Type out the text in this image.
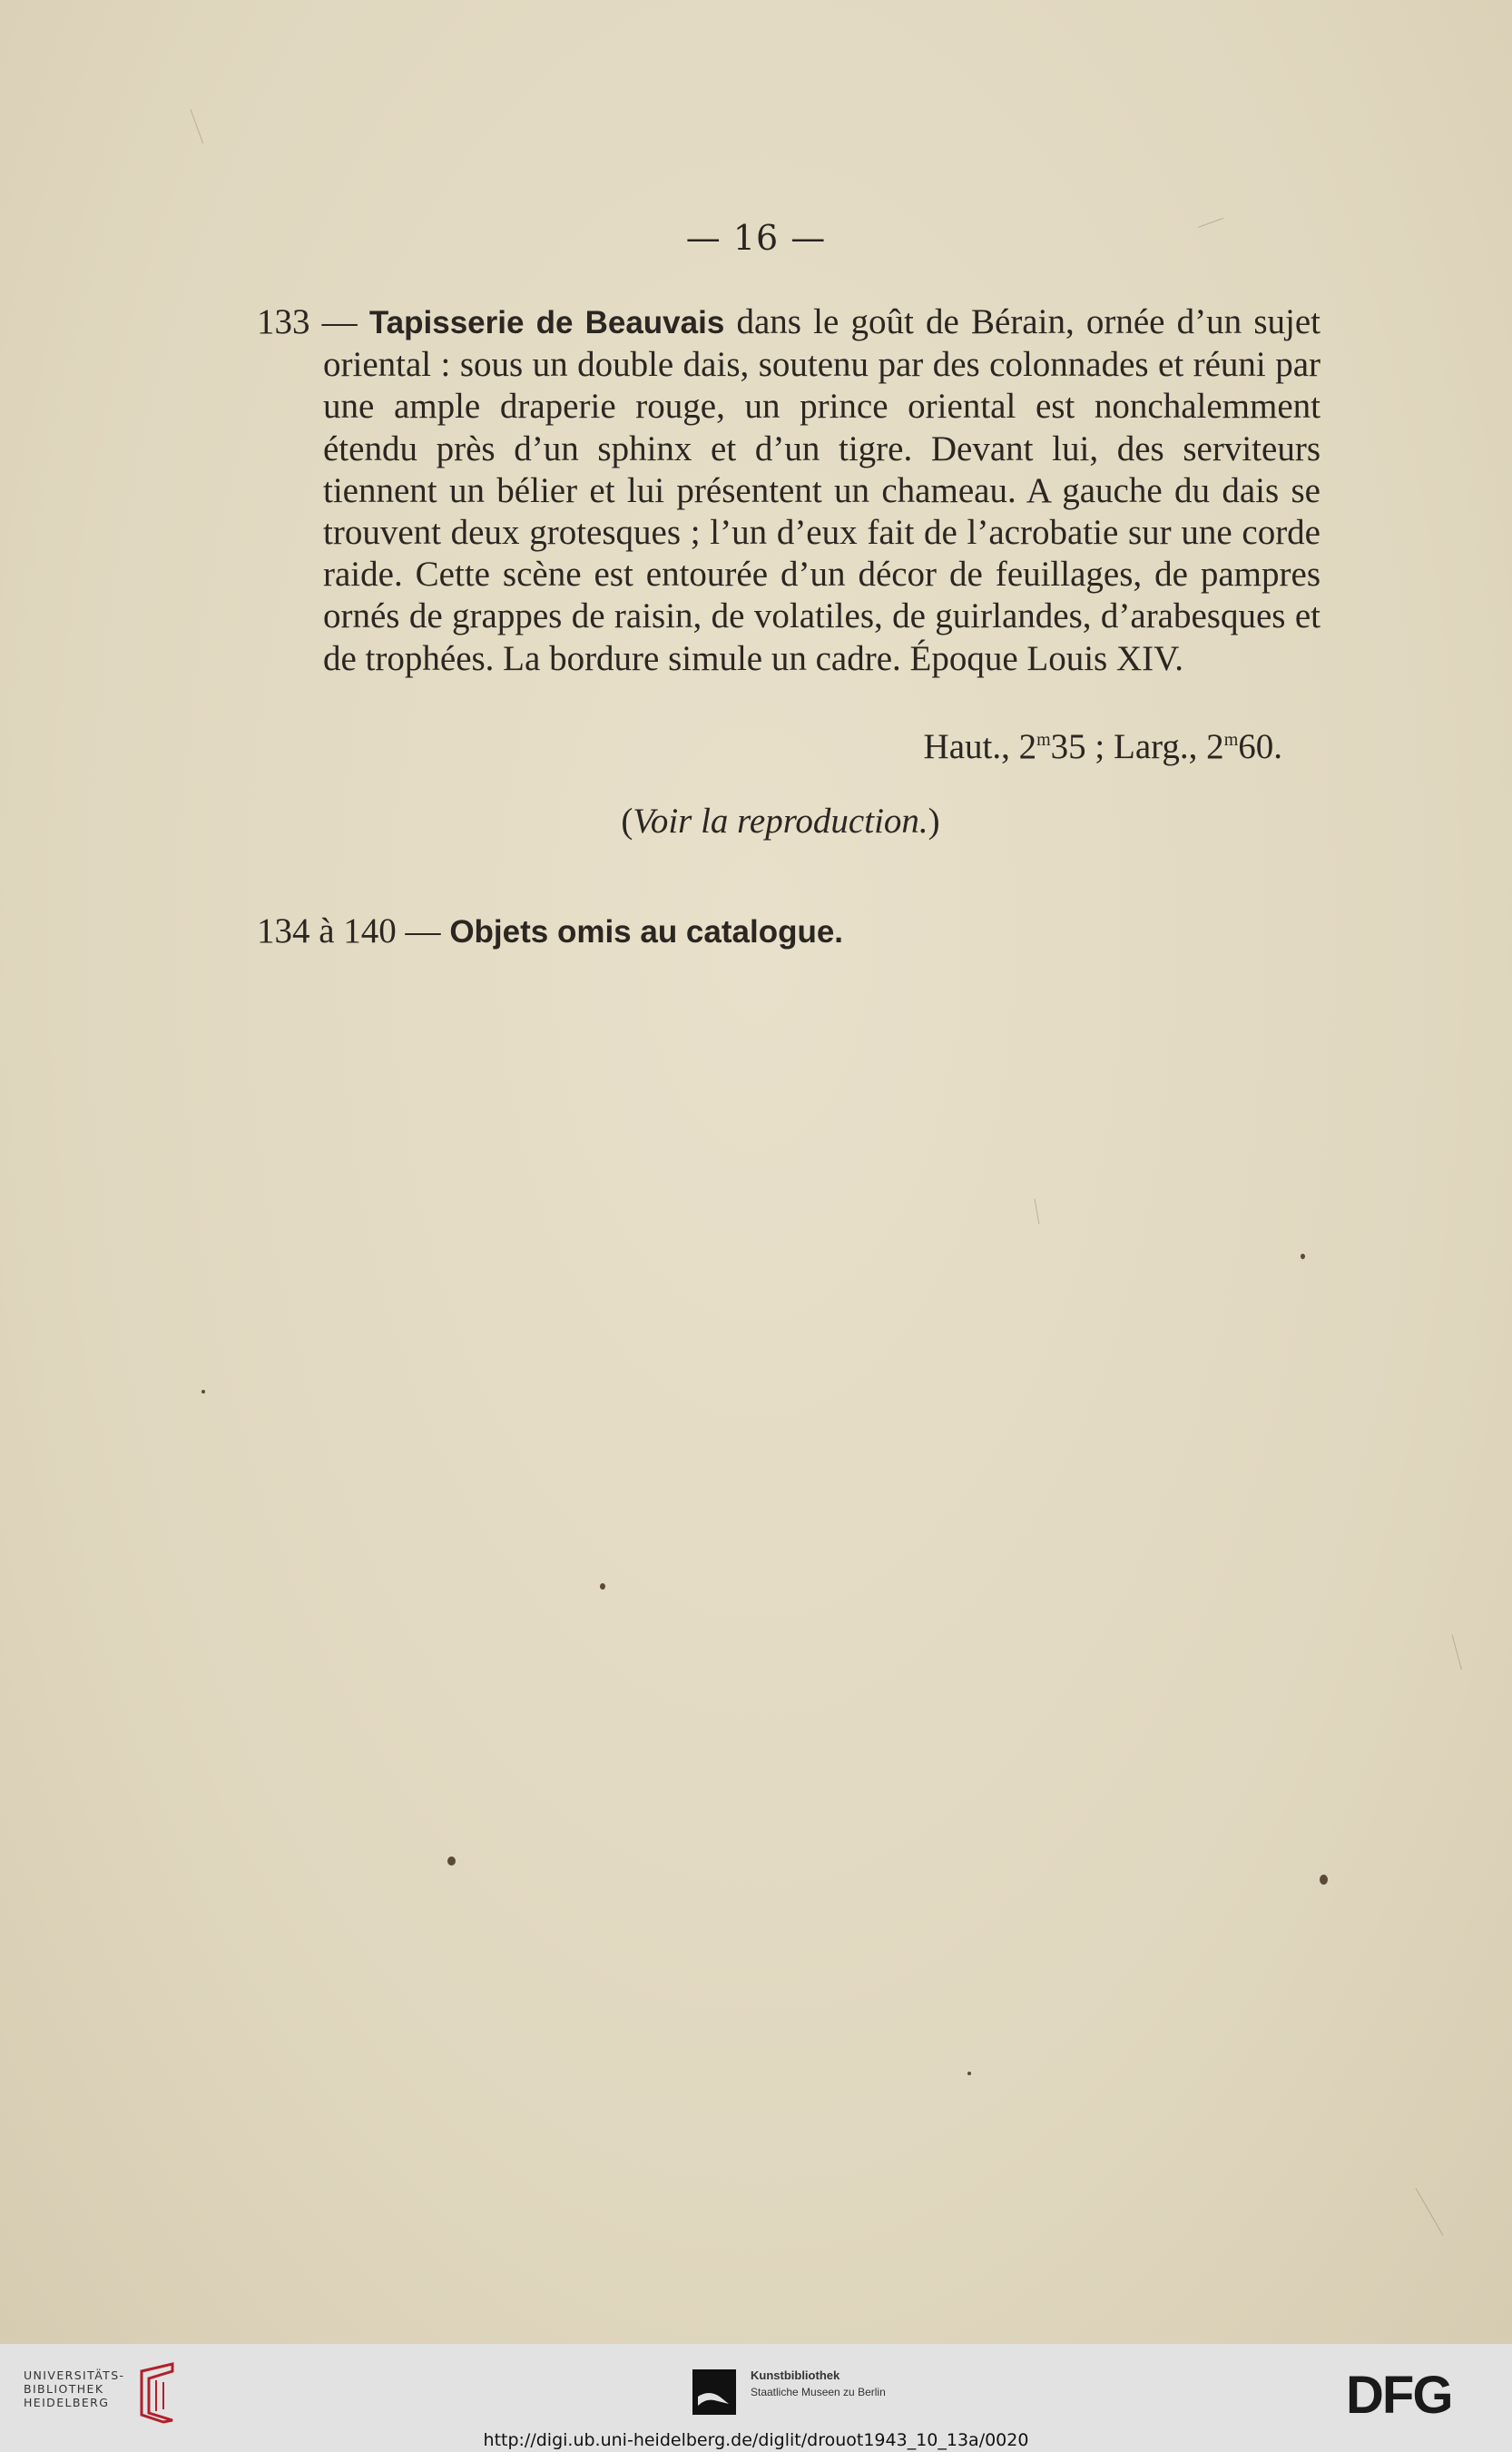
— 16 —

133 — Tapisserie de Beauvais dans le goût de Bérain, ornée d’un sujet oriental : sous un double dais, soutenu par des colonnades et réuni par une ample draperie rouge, un prince oriental est nonchalemment étendu près d’un sphinx et d’un tigre. Devant lui, des serviteurs tiennent un bélier et lui présentent un chameau. A gauche du dais se trouvent deux grotesques ; l’un d’eux fait de l’acrobatie sur une corde raide. Cette scène est entourée d’un décor de feuillages, de pampres ornés de grappes de raisin, de volatiles, de guirlandes, d’arabesques et de trophées. La bordure simule un cadre. Époque Louis XIV.

Haut., 2$^m$35 ; Larg., 2$^m$60.
(Voir la reproduction.)
134 à 140 — Objets omis au catalogue.
UNIVERSITÄTS-
BIBLIOTHEK
HEIDELBERG
Kunstbibliothek
Staatliche Museen zu Berlin	DFG
http://digi.ub.uni-heidelberg.de/diglit/drouot1943_10_13a/0020
